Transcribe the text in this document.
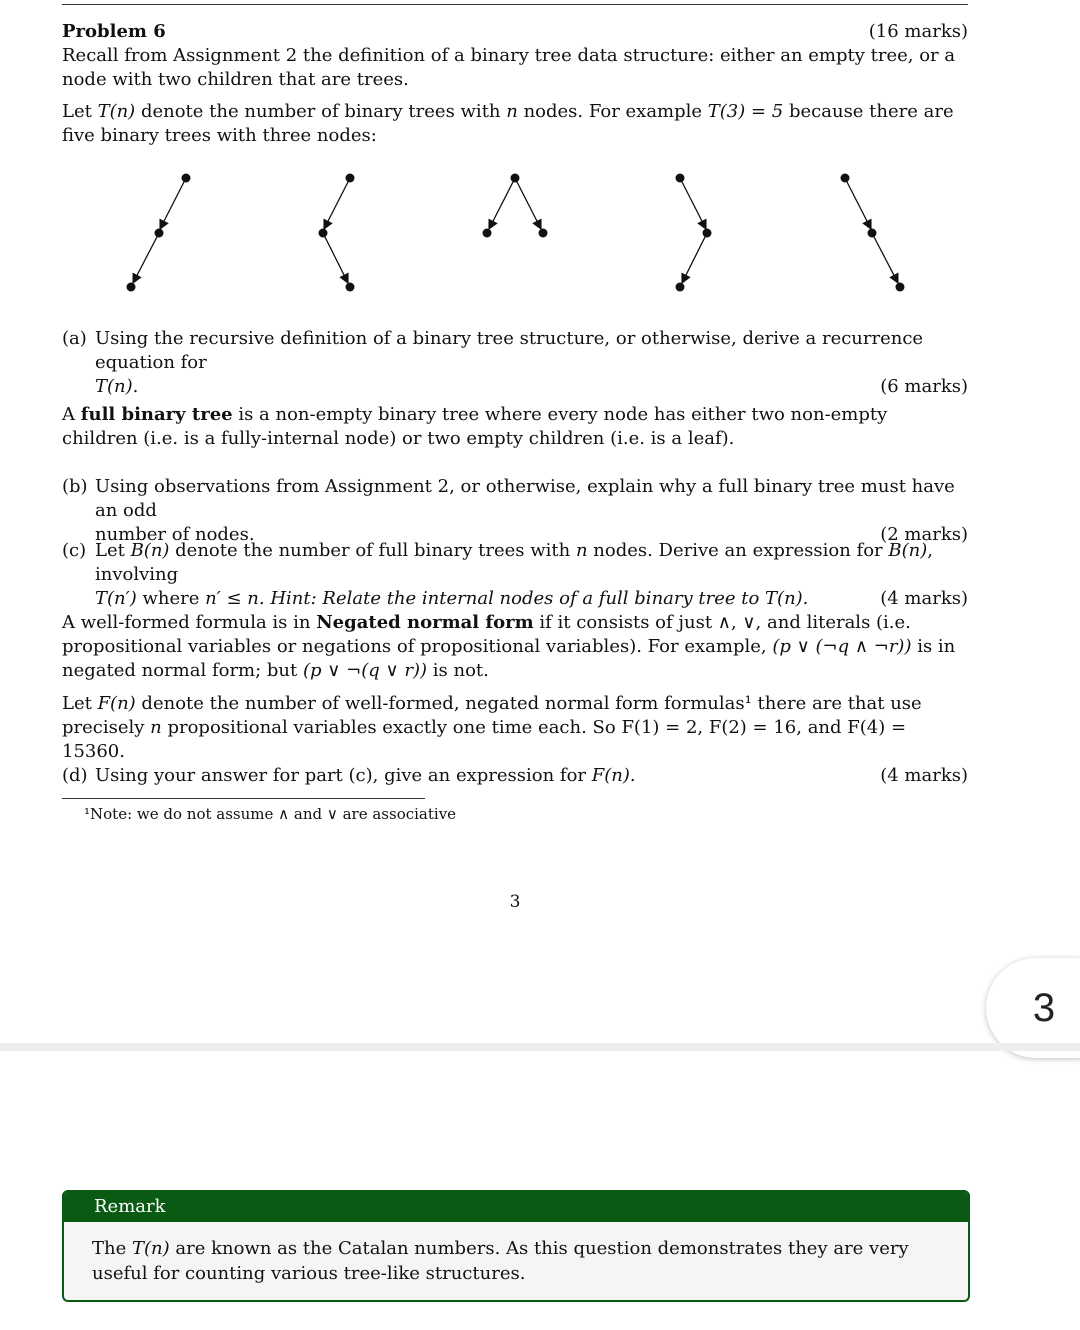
Problem 6	(16 marks)
Recall from Assignment 2 the definition of a binary tree data structure: either an empty tree, or a node with two children that are trees.
Let T(n) denote the number of binary trees with n nodes. For example T(3) = 5 because there are five binary trees with three nodes:
(a) Using the recursive definition of a binary tree structure, or otherwise, derive a recurrence equation for
T(n).	(6 marks)
A full binary tree is a non-empty binary tree where every node has either two non-empty children (i.e. is a fully-internal node) or two empty children (i.e. is a leaf).
(b) Using observations from Assignment 2, or otherwise, explain why a full binary tree must have an odd
number of nodes.	(2 marks)
(c) Let B(n) denote the number of full binary trees with n nodes. Derive an expression for B(n), involving
T(n′) where n′ ≤ n. Hint: Relate the internal nodes of a full binary tree to T(n).	(4 marks)
A well-formed formula is in Negated normal form if it consists of just ∧, ∨, and literals (i.e. propositional variables or negations of propositional variables). For example, (p ∨ (¬q ∧ ¬r)) is in negated normal form; but (p ∨ ¬(q ∨ r)) is not.
Let F(n) denote the number of well-formed, negated normal form formulas¹ there are that use precisely n propositional variables exactly one time each. So F(1) = 2, F(2) = 16, and F(4) = 15360.
(d) Using your answer for part (c), give an expression for F(n).	(4 marks)
¹Note: we do not assume ∧ and ∨ are associative
3
3
Remark
The T(n) are known as the Catalan numbers. As this question demonstrates they are very useful for counting various tree-like structures.
